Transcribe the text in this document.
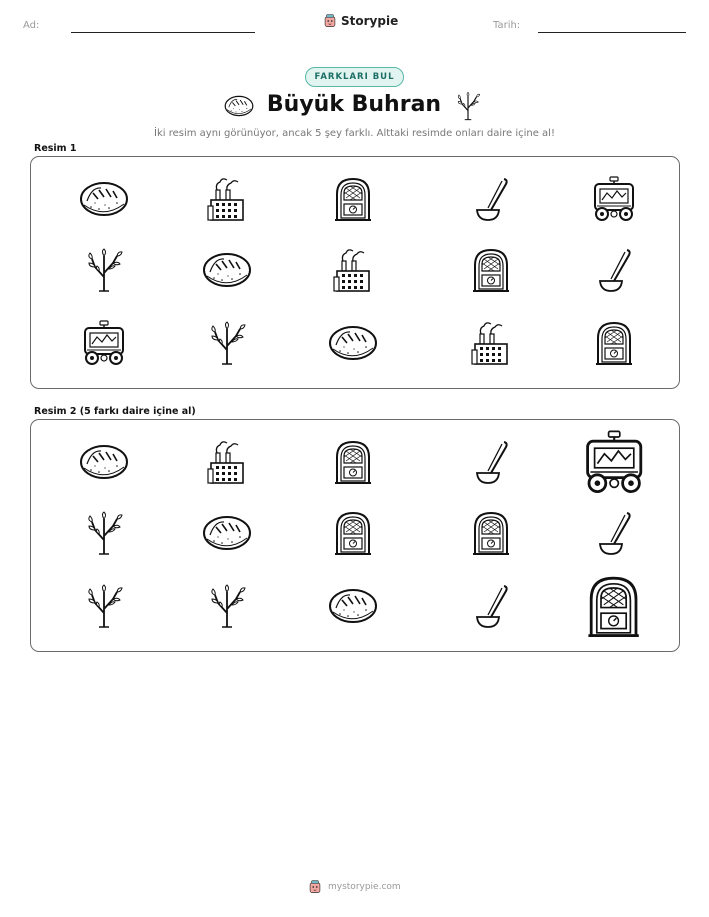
Ad:	Storypie	Tarih:
FARKLARI BUL
Büyük Buhran
İki resim aynı görünüyor, ancak 5 şey farklı. Alttaki resimde onları daire içine al!
Resim 1
Resim 2 (5 farkı daire içine al)
mystorypie.com
